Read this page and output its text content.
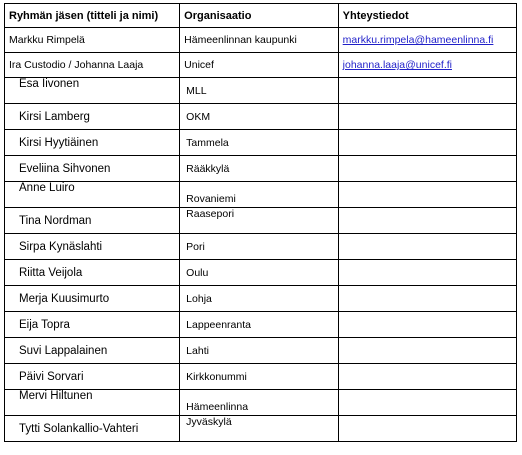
Ryhmän jäsen (titteli ja nimi)	Organisaatio	Yhteystiedot
Markku Rimpelä	Hämeenlinnan kaupunki	markku.rimpela@hameenlinna.fi
Ira Custodio / Johanna Laaja	Unicef	johanna.laaja@unicef.fi

Esa Iivonen	MLL	

Kirsi Lamberg	OKM	

Kirsi Hyytiäinen	Tammela	

Eveliina Sihvonen	Rääkkylä	

Anne Luiro	Rovaniemi	

Tina Nordman	Raasepori	

Sirpa Kynäslahti	Pori	

Riitta Veijola	Oulu	

Merja Kuusimurto	Lohja	

Eija Topra	Lappeenranta	

Suvi Lappalainen	Lahti	

Päivi Sorvari	Kirkkonummi	

Mervi Hiltunen	Hämeenlinna	

Tytti Solankallio-Vahteri	Jyväskylä	
